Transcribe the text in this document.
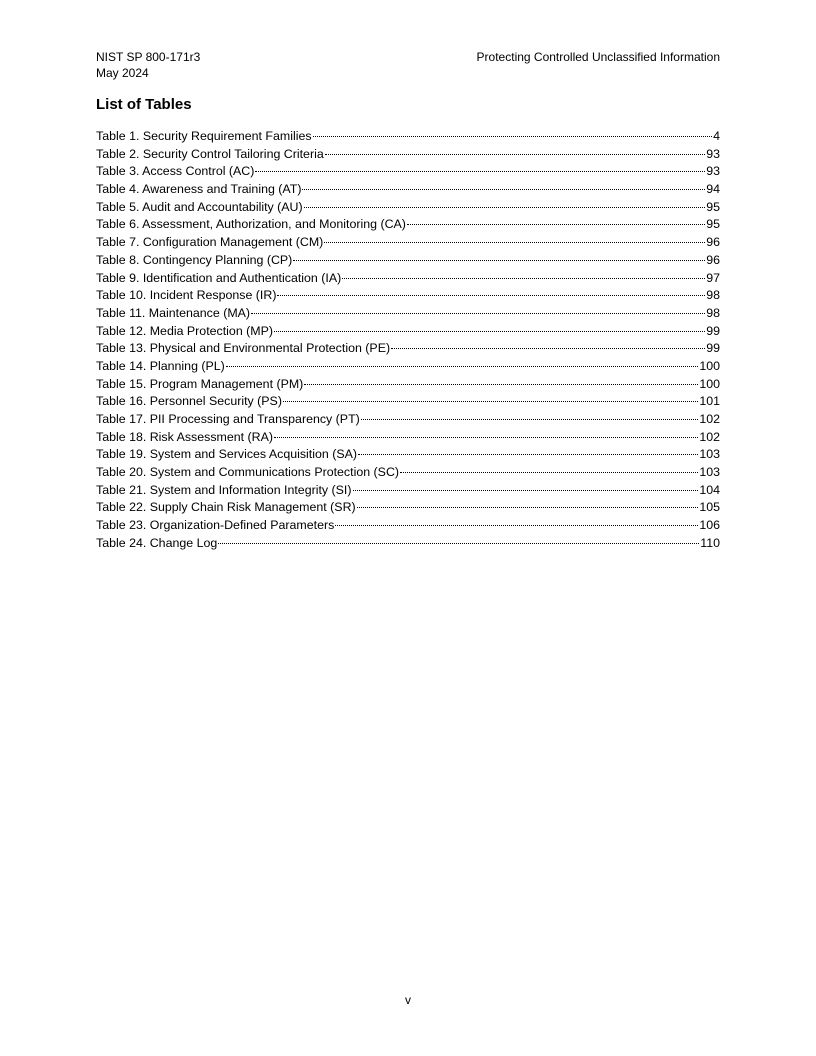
NIST SP 800-171r3	Protecting Controlled Unclassified Information
May 2024
List of Tables
Table 1. Security Requirement Families	4
Table 2. Security Control Tailoring Criteria	93
Table 3. Access Control (AC)	93
Table 4. Awareness and Training (AT)	94
Table 5. Audit and Accountability (AU)	95
Table 6. Assessment, Authorization, and Monitoring (CA)	95
Table 7. Configuration Management (CM)	96
Table 8. Contingency Planning (CP)	96
Table 9. Identification and Authentication (IA)	97
Table 10. Incident Response (IR)	98
Table 11. Maintenance (MA)	98
Table 12. Media Protection (MP)	99
Table 13. Physical and Environmental Protection (PE)	99
Table 14. Planning (PL)	100
Table 15. Program Management (PM)	100
Table 16. Personnel Security (PS)	101
Table 17. PII Processing and Transparency (PT)	102
Table 18. Risk Assessment (RA)	102
Table 19. System and Services Acquisition (SA)	103
Table 20. System and Communications Protection (SC)	103
Table 21. System and Information Integrity (SI)	104
Table 22. Supply Chain Risk Management (SR)	105
Table 23. Organization-Defined Parameters	106
Table 24. Change Log	110
v
